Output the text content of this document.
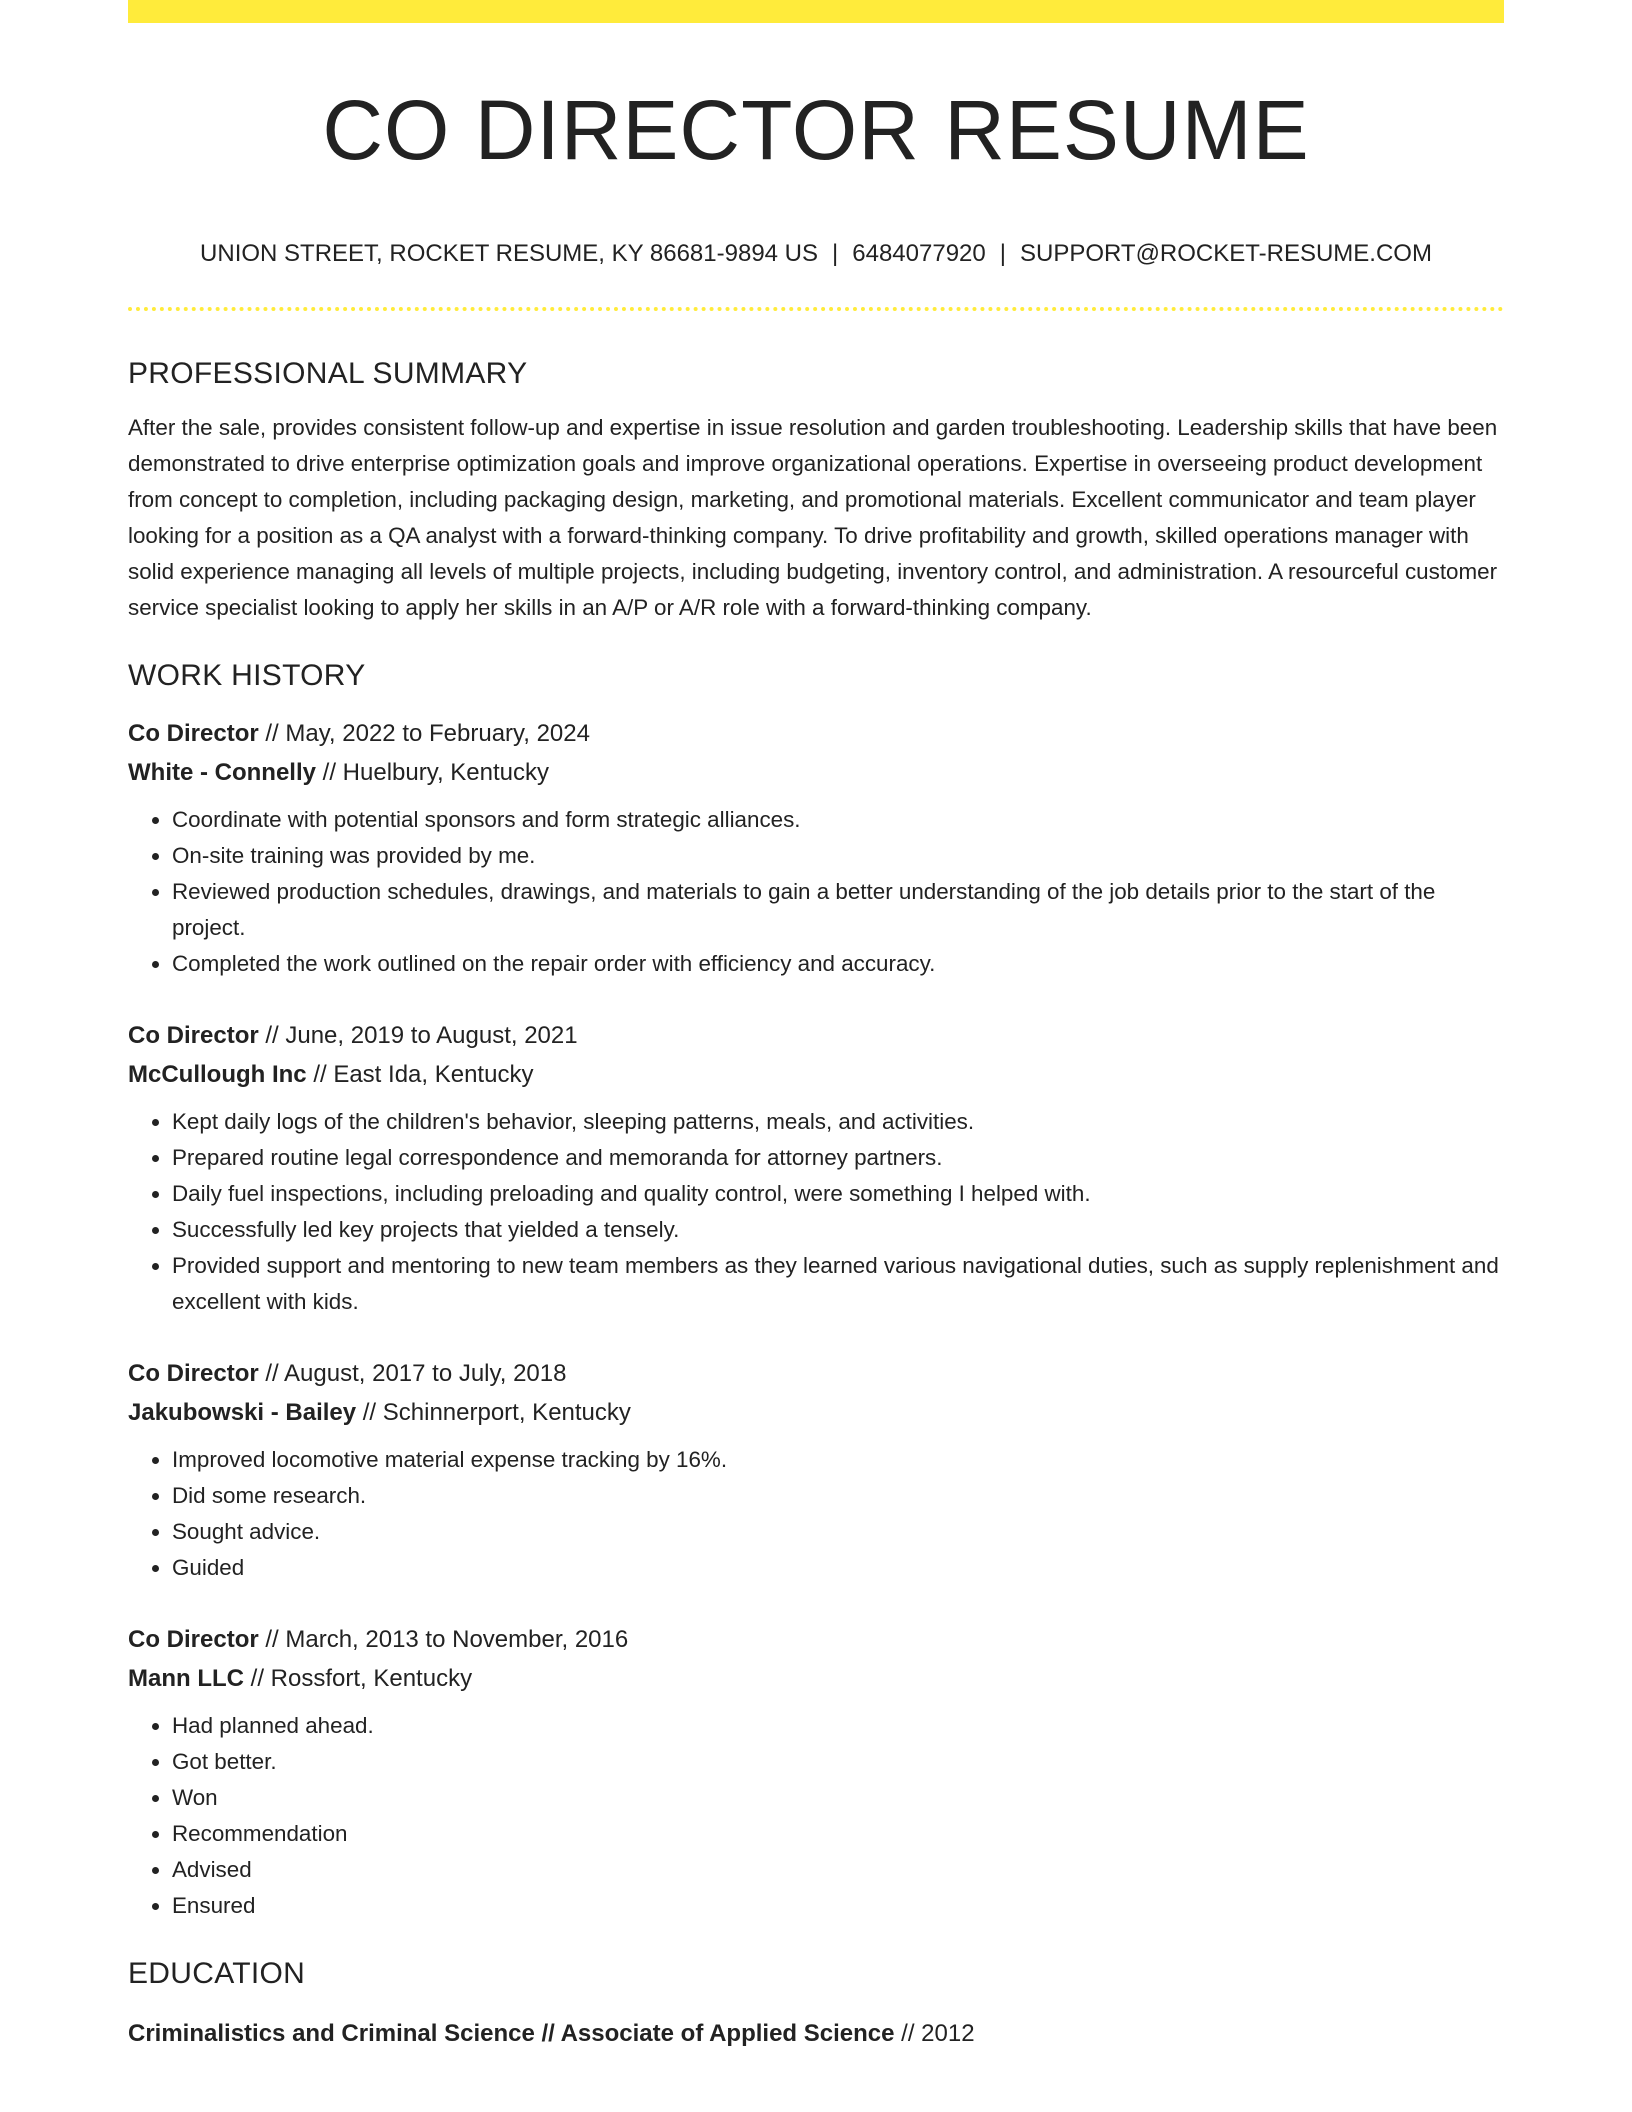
CO DIRECTOR RESUME

UNION STREET, ROCKET RESUME, KY 86681-9894 US | 6484077920 | SUPPORT@ROCKET-RESUME.COM

PROFESSIONAL SUMMARY

After the sale, provides consistent follow-up and expertise in issue resolution and garden troubleshooting. Leadership skills that have been demonstrated to drive enterprise optimization goals and improve organizational operations. Expertise in overseeing product development from concept to completion, including packaging design, marketing, and promotional materials. Excellent communicator and team player looking for a position as a QA analyst with a forward-thinking company. To drive profitability and growth, skilled operations manager with solid experience managing all levels of multiple projects, including budgeting, inventory control, and administration. A resourceful customer service specialist looking to apply her skills in an A/P or A/R role with a forward-thinking company.

WORK HISTORY
Co Director // May, 2022 to February, 2024
White - Connelly // Huelbury, Kentucky
• Coordinate with potential sponsors and form strategic alliances.
• On-site training was provided by me.
• Reviewed production schedules, drawings, and materials to gain a better understanding of the job details prior to the start of the project.
• Completed the work outlined on the repair order with efficiency and accuracy.
Co Director // June, 2019 to August, 2021
McCullough Inc // East Ida, Kentucky
• Kept daily logs of the children's behavior, sleeping patterns, meals, and activities.
• Prepared routine legal correspondence and memoranda for attorney partners.
• Daily fuel inspections, including preloading and quality control, were something I helped with.
• Successfully led key projects that yielded a tensely.
• Provided support and mentoring to new team members as they learned various navigational duties, such as supply replenishment and excellent with kids.
Co Director // August, 2017 to July, 2018
Jakubowski - Bailey // Schinnerport, Kentucky
• Improved locomotive material expense tracking by 16%.
• Did some research.
• Sought advice.
• Guided
Co Director // March, 2013 to November, 2016
Mann LLC // Rossfort, Kentucky
• Had planned ahead.
• Got better.
• Won
• Recommendation
• Advised
• Ensured
EDUCATION
Criminalistics and Criminal Science // Associate of Applied Science // 2012
